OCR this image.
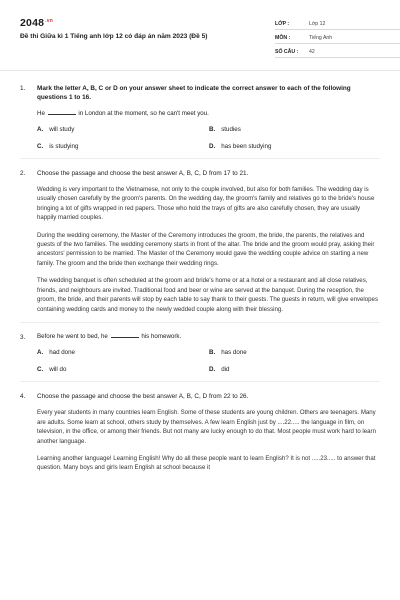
$2048^{.vn}$
Đề thi Giữa kì 1 Tiếng anh lớp 12 có đáp án năm 2023 (Đề 5)
LỚP :	Lớp 12
MÔN :	Tiếng Anh
SỐ CÂU :	42
1. Mark the letter A, B, C or D on your answer sheet to indicate the correct answer to each of the following questions 1 to 16.
He	in London at the moment, so he can't meet you.
A. will study	B. studies
C. is studying	D. has been studying
2. Choose the passage and choose the best answer A, B, C, D from 17 to 21.

Wedding is very important to the Vietnamese, not only to the couple involved, but also for both families. The wedding day is usually chosen carefully by the groom's parents. On the wedding day, the groom's family and relatives go to the bride's house bringing a lot of gifts wrapped in red papers. Those who hold the trays of gifts are also carefully chosen, they are usually happily married couples.

During the wedding ceremony, the Master of the Ceremony introduces the groom, the bride, the parents, the relatives and guests of the two families. The wedding ceremony starts in front of the altar. The bride and the groom would pray, asking their ancestors' permission to be married. The Master of the Ceremony would gave the wedding couple advice on starting a new family. The groom and the bride then exchange their wedding rings.

The wedding banquet is often scheduled at the groom and bride's home or at a hotel or a restaurant and all close relatives, friends, and neighbours are invited. Traditional food and beer or wine are served at the banquet. During the reception, the groom, the bride, and their parents will stop by each table to say thank to their guests. The guests in return, will give envelopes containing wedding cards and money to the newly wedded couple along with their blessing.

3. Before he went to bed, he	his homework.
A. had done	B. has done
C. will do	D. did
4. Choose the passage and choose the best answer A, B, C, D from 22 to 26.

Every year students in many countries learn English. Some of these students are young children. Others are teenagers. Many are adults. Some learn at school, others study by themselves. A few learn English just by ....22..... the language in film, on television, in the office, or among their friends. But not many are lucky enough to do that. Most people must work hard to learn another language.

Learning another language! Learning English! Why do all these people want to learn English? It is not .....23..... to answer that question. Many boys and girls learn English at school because it
